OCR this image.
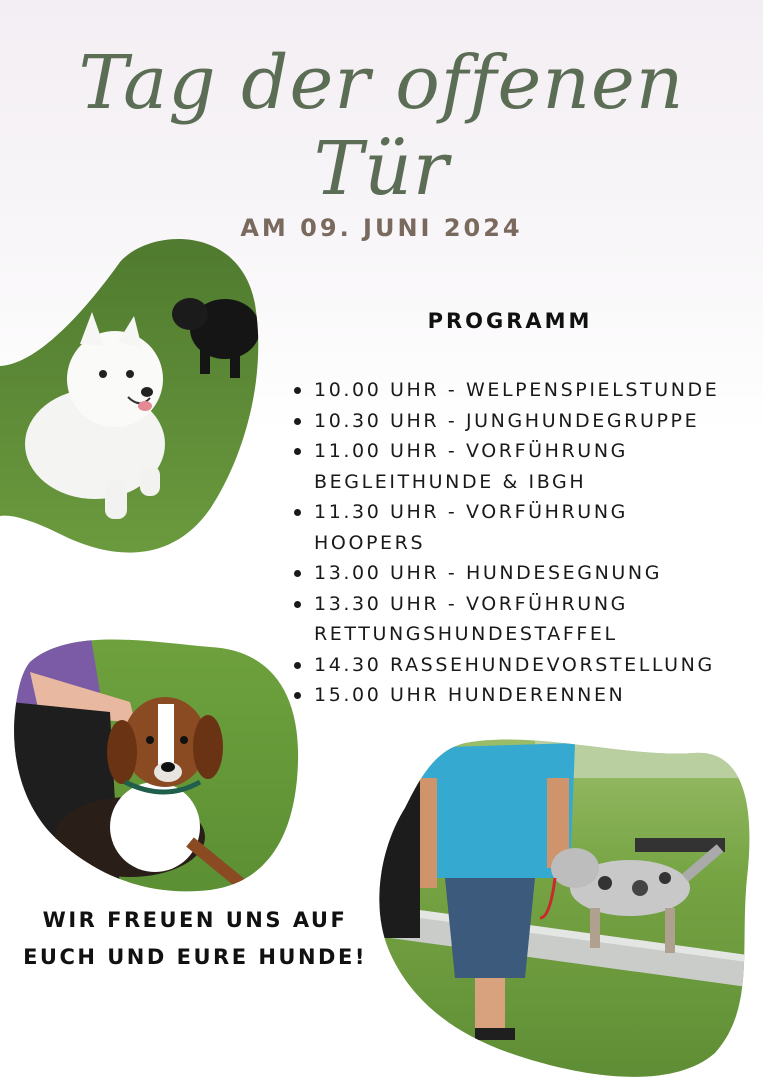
Tag der offenen Tür
AM 09. JUNI 2024
PROGRAMM
10.00 UHR - WELPENSPIELSTUNDE
10.30 UHR - JUNGHUNDEGRUPPE
11.00 UHR - VORFÜHRUNG BEGLEITHUNDE & IBGH
11.30 UHR - VORFÜHRUNG HOOPERS
13.00 UHR - HUNDESEGNUNG
13.30 UHR - VORFÜHRUNG RETTUNGSHUNDESTAFFEL
14.30 RASSEHUNDEVORSTELLUNG
15.00 UHR HUNDERENNEN
WIR FREUEN UNS AUF EUCH UND EURE HUNDE!
